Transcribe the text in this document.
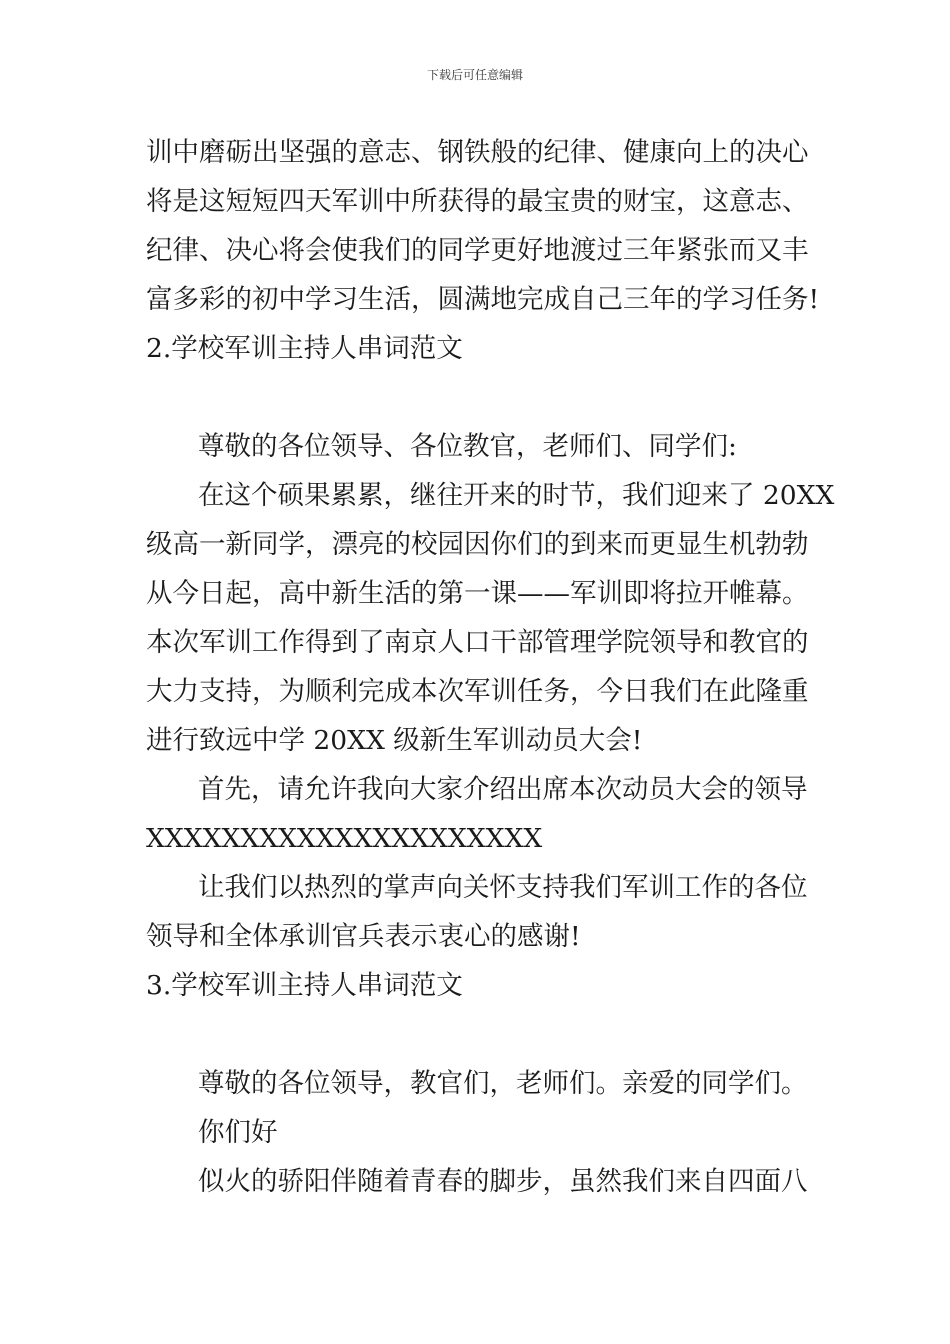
下载后可任意编辑
训中磨砺出坚强的意志、钢铁般的纪律、健康向上的决心
将是这短短四天军训中所获得的最宝贵的财宝，这意志、
纪律、决心将会使我们的同学更好地渡过三年紧张而又丰
富多彩的初中学习生活，圆满地完成自己三年的学习任务!
2.学校军训主持人串词范文
尊敬的各位领导、各位教官，老师们、同学们:
在这个硕果累累，继往开来的时节，我们迎来了 20XX
级高一新同学，漂亮的校园因你们的到来而更显生机勃勃
从今日起，高中新生活的第一课——军训即将拉开帷幕。
本次军训工作得到了南京人口干部管理学院领导和教官的
大力支持，为顺利完成本次军训任务，今日我们在此隆重
进行致远中学 20XX 级新生军训动员大会!
首先，请允许我向大家介绍出席本次动员大会的领导
XXXXXXXXXXXXXXXXXXXXX
让我们以热烈的掌声向关怀支持我们军训工作的各位
领导和全体承训官兵表示衷心的感谢!
3.学校军训主持人串词范文
尊敬的各位领导，教官们，老师们。亲爱的同学们。
你们好
似火的骄阳伴随着青春的脚步，虽然我们来自四面八
